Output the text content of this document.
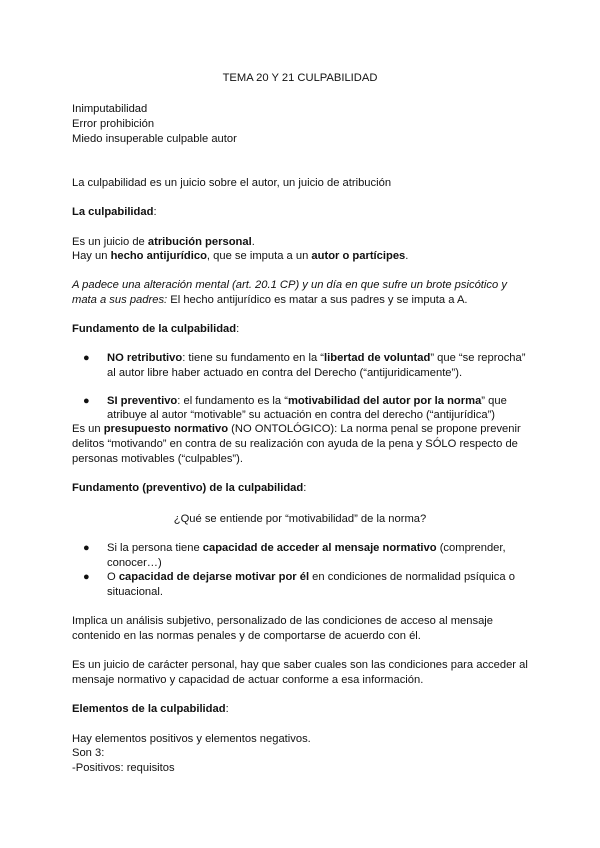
TEMA 20 Y 21 CULPABILIDAD

Inimputabilidad

Error prohibición

Miedo insuperable culpable autor

La culpabilidad es un juicio sobre el autor, un juicio de atribución

La culpabilidad:

Es un juicio de atribución personal.

Hay un hecho antijurídico, que se imputa a un autor o partícipes.

A padece una alteración mental (art. 20.1 CP) y un día en que sufre un brote psicótico y

mata a sus padres: El hecho antijurídico es matar a sus padres y se imputa a A.

Fundamento de la culpabilidad:

● NO retributivo: tiene su fundamento en la “libertad de voluntad” que “se reprocha”

al autor libre haber actuado en contra del Derecho (“antijuridicamente”).

● SI preventivo: el fundamento es la “motivabilidad del autor por la norma” que

atribuye al autor “motivable” su actuación en contra del derecho (“antijurídica”)

Es un presupuesto normativo (NO ONTOLÓGICO): La norma penal se propone prevenir

delitos “motivando” en contra de su realización con ayuda de la pena y SÓLO respecto de

personas motivables (“culpables”).

Fundamento (preventivo) de la culpabilidad:

¿Qué se entiende por “motivabilidad” de la norma?

● Si la persona tiene capacidad de acceder al mensaje normativo (comprender,

conocer…)

● O capacidad de dejarse motivar por él en condiciones de normalidad psíquica o

situacional.

Implica un análisis subjetivo, personalizado de las condiciones de acceso al mensaje

contenido en las normas penales y de comportarse de acuerdo con él.

Es un juicio de carácter personal, hay que saber cuales son las condiciones para acceder al

mensaje normativo y capacidad de actuar conforme a esa información.

Elementos de la culpabilidad:

Hay elementos positivos y elementos negativos.

Son 3:

-Positivos: requisitos
